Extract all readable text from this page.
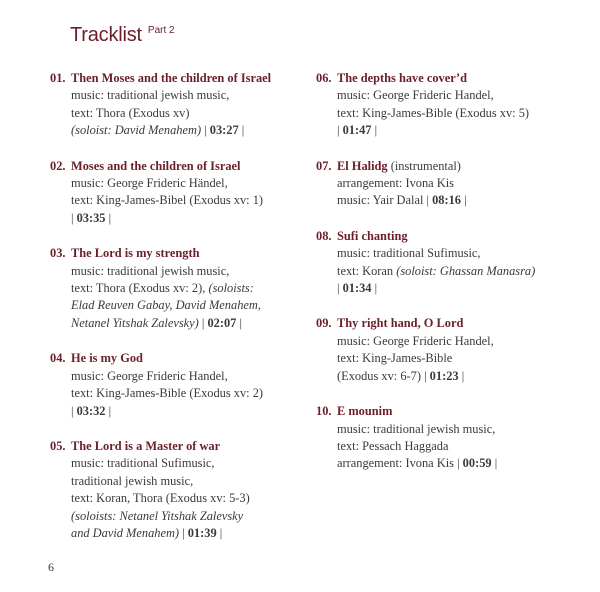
Tracklist $^{Part 2}$
01. Then Moses and the children of Israel
music: traditional jewish music,
text: Thora (Exodus xv)
(soloist: David Menahem) | 03:27 |
02. Moses and the children of Israel
music: George Frideric Händel,
text: King-James-Bibel (Exodus xv: 1)
| 03:35 |
03. The Lord is my strength
music: traditional jewish music,
text: Thora (Exodus xv: 2), (soloists:
Elad Reuven Gabay, David Menahem,
Netanel Yitshak Zalevsky) | 02:07 |
04. He is my God
music: George Frideric Handel,
text: King-James-Bible (Exodus xv: 2)
| 03:32 |
05. The Lord is a Master of war
music: traditional Sufimusic,
traditional jewish music,
text: Koran, Thora (Exodus xv: 5-3)
(soloists: Netanel Yitshak Zalevsky
and David Menahem) | 01:39 |
06. The depths have cover’d
music: George Frideric Handel,
text: King-James-Bible (Exodus xv: 5)
| 01:47 |
07. El Halidg (instrumental)
arrangement: Ivona Kis
music: Yair Dalal | 08:16 |
08. Sufi chanting
music: traditional Sufimusic,
text: Koran (soloist: Ghassan Manasra)
| 01:34 |
09. Thy right hand, O Lord
music: George Frideric Handel,
text: King-James-Bible
(Exodus xv: 6-7) | 01:23 |
10. E mounim
music: traditional jewish music,
text: Pessach Haggada
arrangement: Ivona Kis | 00:59 |
6
